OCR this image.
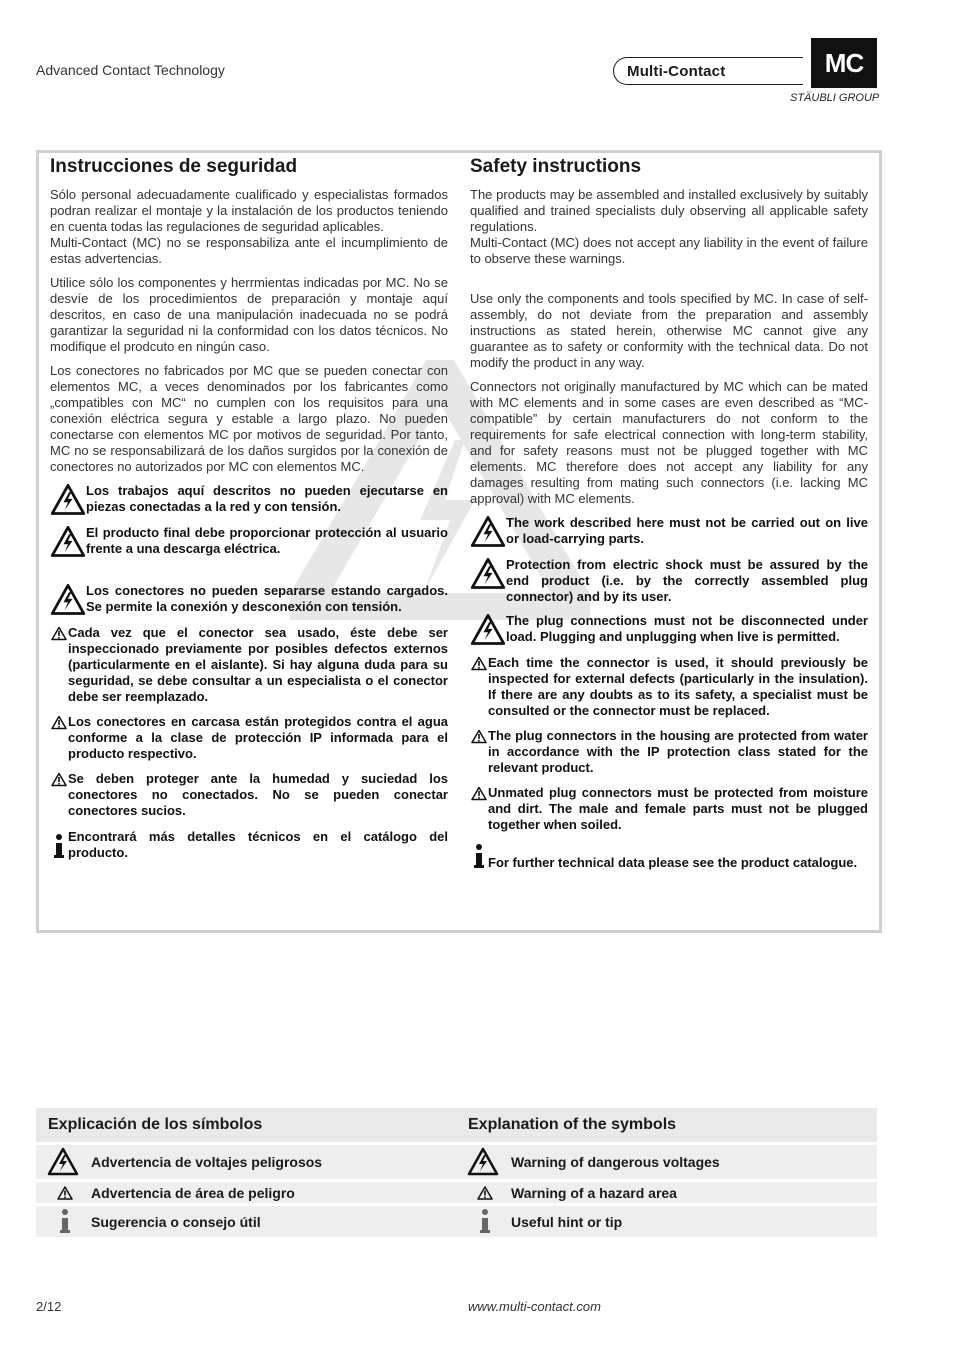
Advanced Contact Technology	Multi-Contact	MC
STÄUBLI GROUP
Instrucciones de seguridad

Sólo personal adecuadamente cualificado y especialistas formados podran realizar el montaje y la instalación de los productos teniendo en cuenta todas las regulaciones de seguridad aplicables.

Multi-Contact (MC) no se responsabiliza ante el incumplimiento de estas advertencias.

Utilice sólo los componentes y herrmientas indicadas por MC. No se desvíe de los procedimientos de preparación y montaje aquí descritos, en caso de una manipulación inadecuada no se podrá garantizar la seguridad ni la conformidad con los datos técnicos. No modifique el prodcuto en ningún caso.
Los conectores no fabricados por MC que se pueden conectar con elementos MC, a veces denominados por los fabricantes como „compatibles con MC“ no cumplen con los requisitos para una conexión eléctrica segura y estable a largo plazo. No pueden conectarse con elementos MC por motivos de seguridad. Por tanto, MC no se responsabilizará de los daños surgidos por la conexión de conectores no autorizados por MC con elementos MC.
Los trabajos aquí descritos no pueden ejecutarse en piezas conectadas a la red y con tensión.
El producto final debe proporcionar protección al usuario frente a una descarga eléctrica.
Los conectores no pueden separarse estando cargados. Se permite la conexión y desconexión con tensión.
Cada vez que el conector sea usado, éste debe ser inspeccionado previamente por posibles defectos externos (particularmente en el aislante). Si hay alguna duda para su seguridad, se debe consultar a un especialista o el conector debe ser reemplazado.
Los conectores en carcasa están protegidos contra el agua conforme a la clase de protección IP informada para el producto respectivo.
Se deben proteger ante la humedad y suciedad los conectores no conectados. No se pueden conectar conectores sucios.
Encontrará más detalles técnicos en el catálogo del producto.
Safety instructions

The products may be assembled and installed exclusively by suitably qualified and trained specialists duly observing all applicable safety regulations.

Multi-Contact (MC) does not accept any liability in the event of failure to observe these warnings.

Use only the components and tools specified by MC. In case of self-assembly, do not deviate from the preparation and assembly instructions as stated herein, otherwise MC cannot give any guarantee as to safety or conformity with the technical data. Do not modify the product in any way.
Connectors not originally manufactured by MC which can be mated with MC elements and in some cases are even described as “MC-compatible” by certain manufacturers do not conform to the requirements for safe electrical connection with long-term stability, and for safety reasons must not be plugged together with MC elements. MC therefore does not accept any liability for any damages resulting from mating such connectors (i.e. lacking MC approval) with MC elements.
The work described here must not be carried out on live or load-carrying parts.
Protection from electric shock must be assured by the end product (i.e. by the correctly assembled plug connector) and by its user.
The plug connections must not be disconnected under load. Plugging and unplugging when live is permitted.
Each time the connector is used, it should previously be inspected for external defects (particularly in the insulation). If there are any doubts as to its safety, a specialist must be consulted or the connector must be replaced.
The plug connectors in the housing are protected from water in accordance with the IP protection class stated for the relevant product.
Unmated plug connectors must be protected from moisture and dirt. The male and female parts must not be plugged together when soiled.
For further technical data please see the product catalogue.
Explicación de los símbolos	Explanation of the symbols
Advertencia de voltajes peligrosos	Warning of dangerous voltages
Advertencia de área de peligro	Warning of a hazard area
Sugerencia o consejo útil	Useful hint or tip
2/12	www.multi-contact.com
